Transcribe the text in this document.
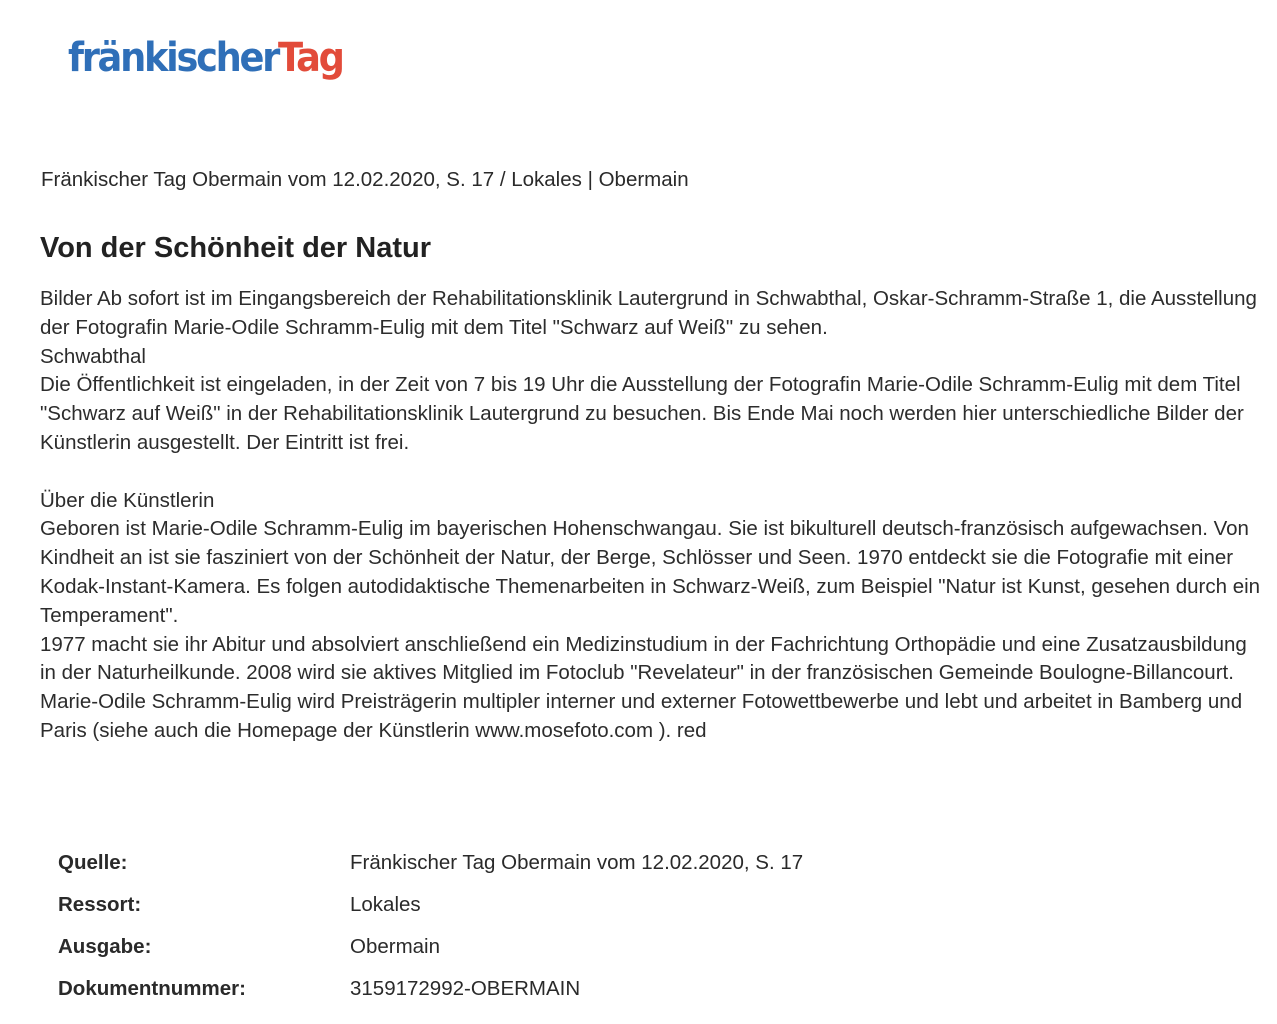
fränkischerTag
Fränkischer Tag Obermain vom 12.02.2020, S. 17 / Lokales | Obermain
Von der Schönheit der Natur

Bilder Ab sofort ist im Eingangsbereich der Rehabilitationsklinik Lautergrund in Schwabthal, Oskar-Schramm-Straße 1, die Ausstellung der Fotografin Marie-Odile Schramm-Eulig mit dem Titel "Schwarz auf Weiß" zu sehen.

Schwabthal

Die Öffentlichkeit ist eingeladen, in der Zeit von 7 bis 19 Uhr die Ausstellung der Fotografin Marie-Odile Schramm-Eulig mit dem Titel "Schwarz auf Weiß" in der Rehabilitationsklinik Lautergrund zu besuchen. Bis Ende Mai noch werden hier unterschiedliche Bilder der Künstlerin ausgestellt. Der Eintritt ist frei.

Über die Künstlerin

Geboren ist Marie-Odile Schramm-Eulig im bayerischen Hohenschwangau. Sie ist bikulturell deutsch-französisch aufgewachsen. Von Kindheit an ist sie fasziniert von der Schönheit der Natur, der Berge, Schlösser und Seen. 1970 entdeckt sie die Fotografie mit einer Kodak-Instant-Kamera. Es folgen autodidaktische Themenarbeiten in Schwarz-Weiß, zum Beispiel "Natur ist Kunst, gesehen durch ein Temperament".

1977 macht sie ihr Abitur und absolviert anschließend ein Medizinstudium in der Fachrichtung Orthopädie und eine Zusatzausbildung in der Naturheilkunde. 2008 wird sie aktives Mitglied im Fotoclub "Revelateur" in der französischen Gemeinde Boulogne-Billancourt.

Marie-Odile Schramm-Eulig wird Preisträgerin multipler interner und externer Fotowettbewerbe und lebt und arbeitet in Bamberg und Paris (siehe auch die Homepage der Künstlerin www.mosefoto.com ). red

Quelle:	Fränkischer Tag Obermain vom 12.02.2020, S. 17
Ressort:	Lokales
Ausgabe:	Obermain
Dokumentnummer:	3159172992-OBERMAIN
